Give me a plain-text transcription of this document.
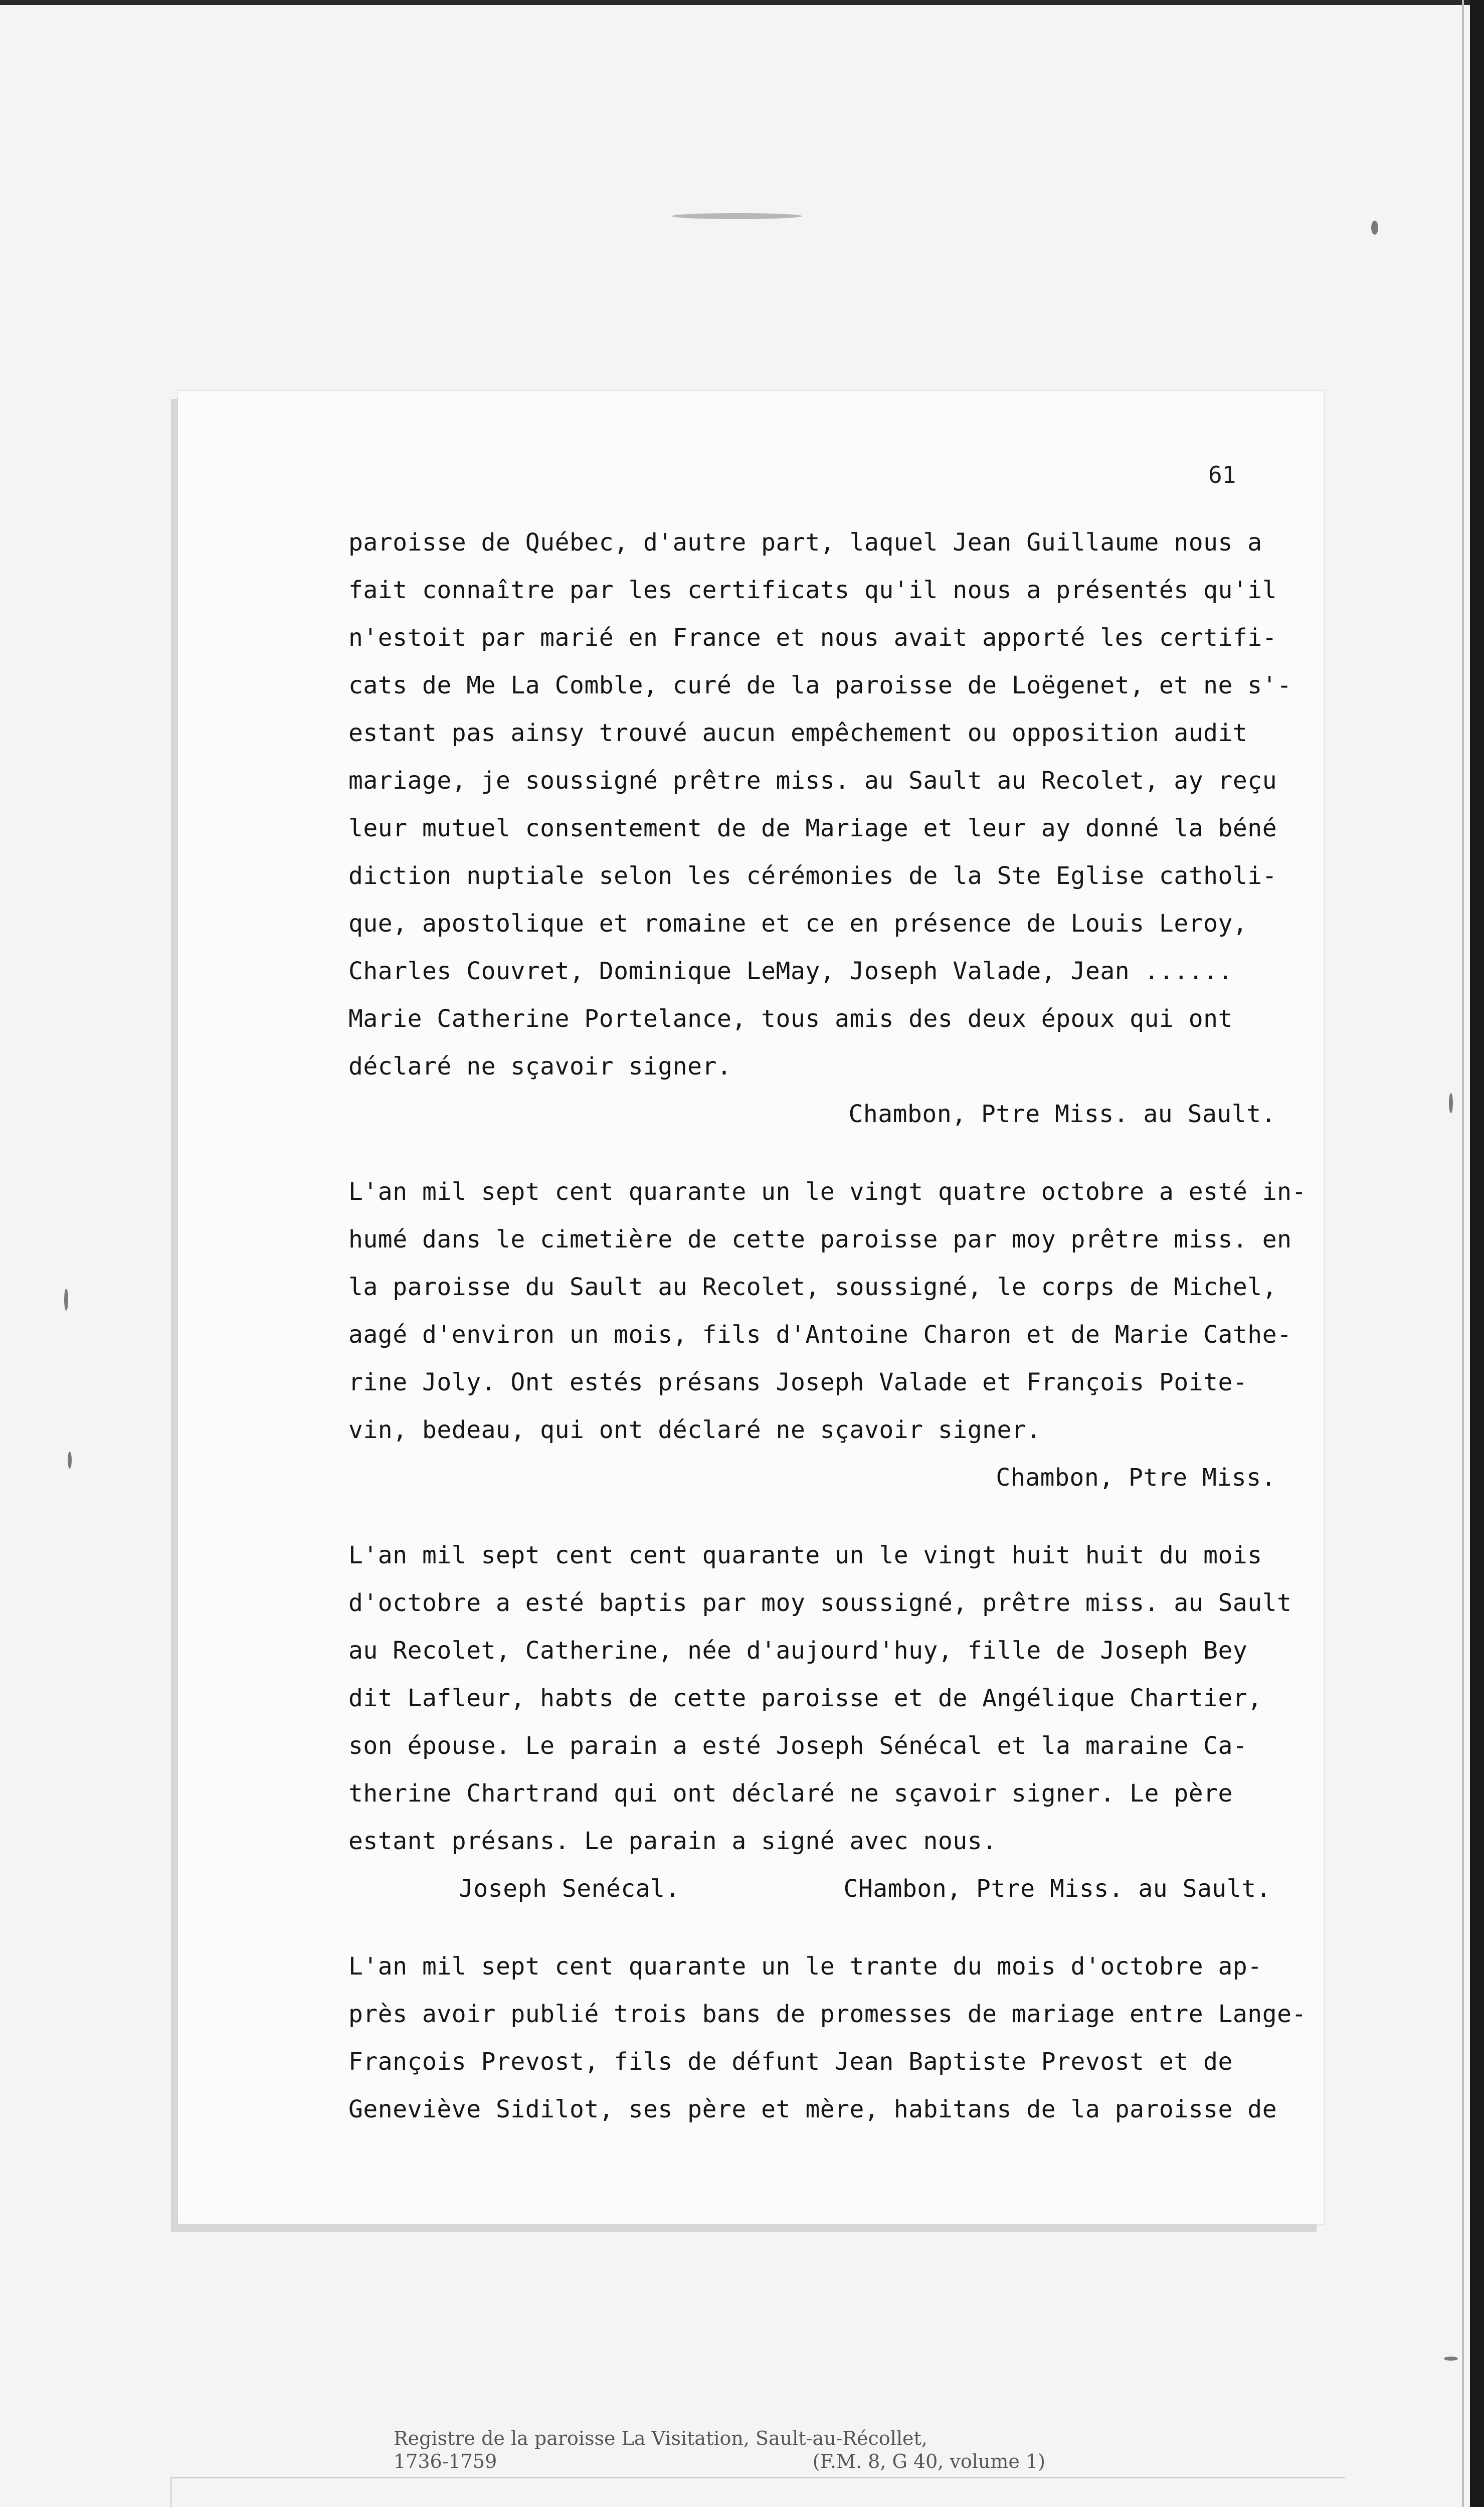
61
paroisse de Québec, d'autre part, laquel Jean Guillaume nous a
fait connaître par les certificats qu'il nous a présentés qu'il
n'estoit par marié en France et nous avait apporté les certifi-
cats de Me La Comble, curé de la paroisse de Loëgenet, et ne s'-
estant pas ainsy trouvé aucun empêchement ou opposition audit
mariage, je soussigné prêtre miss. au Sault au Recolet, ay reçu
leur mutuel consentement de de Mariage et leur ay donné la béné
diction nuptiale selon les cérémonies de la Ste Eglise catholi-
que, apostolique et romaine et ce en présence de Louis Leroy,
Charles Couvret, Dominique LeMay, Joseph Valade, Jean ......
Marie Catherine Portelance, tous amis des deux époux qui ont
déclaré ne sçavoir signer.
Chambon, Ptre Miss. au Sault.
L'an mil sept cent quarante un le vingt quatre octobre a esté in-
humé dans le cimetière de cette paroisse par moy prêtre miss. en
la paroisse du Sault au Recolet, soussigné, le corps de Michel,
aagé d'environ un mois, fils d'Antoine Charon et de Marie Cathe-
rine Joly. Ont estés présans Joseph Valade et François Poite-
vin, bedeau, qui ont déclaré ne sçavoir signer.
Chambon, Ptre Miss.
L'an mil sept cent cent quarante un le vingt huit huit du mois
d'octobre a esté baptis par moy soussigné, prêtre miss. au Sault
au Recolet, Catherine, née d'aujourd'huy, fille de Joseph Bey
dit Lafleur, habts de cette paroisse et de Angélique Chartier,
son épouse. Le parain a esté Joseph Sénécal et la maraine Ca-
therine Chartrand qui ont déclaré ne sçavoir signer. Le père
estant présans. Le parain a signé avec nous.
Joseph Senécal.	CHambon, Ptre Miss. au Sault.
L'an mil sept cent quarante un le trante du mois d'octobre ap-
près avoir publié trois bans de promesses de mariage entre Lange-
François Prevost, fils de défunt Jean Baptiste Prevost et de
Geneviève Sidilot, ses père et mère, habitans de la paroisse de
Registre de la paroisse La Visitation, Sault-au-Récollet,
1736-1759	(F.M. 8, G 40, volume 1)
